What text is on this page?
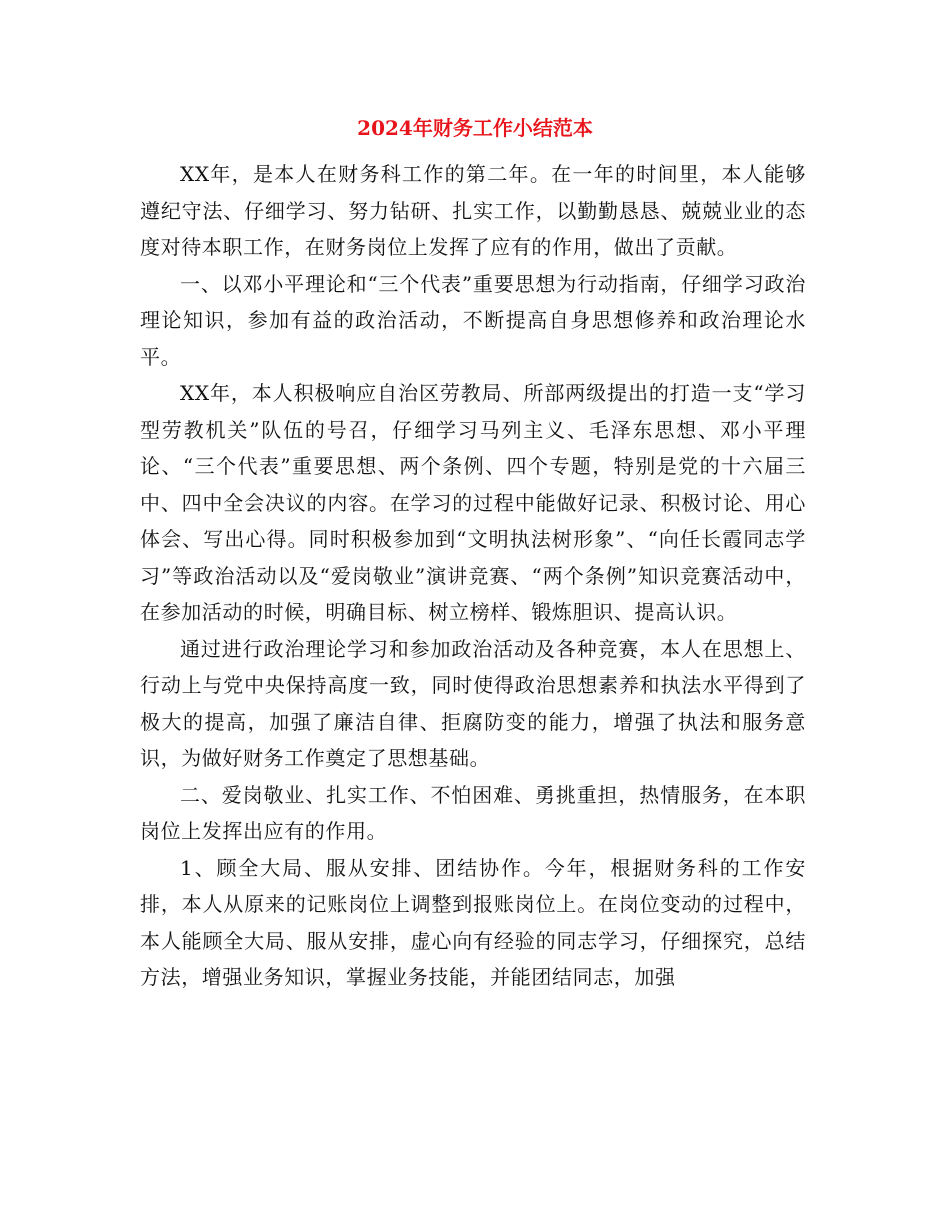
2024年财务工作小结范本

XX年，是本人在财务科工作的第二年。在一年的时间里，本人能够遵纪守法、仔细学习、努力钻研、扎实工作，以勤勤恳恳、兢兢业业的态度对待本职工作，在财务岗位上发挥了应有的作用，做出了贡献。

一、以邓小平理论和“三个代表”重要思想为行动指南，仔细学习政治理论知识，参加有益的政治活动，不断提高自身思想修养和政治理论水平。

XX年，本人积极响应自治区劳教局、所部两级提出的打造一支“学习型劳教机关”队伍的号召，仔细学习马列主义、毛泽东思想、邓小平理论、“三个代表”重要思想、两个条例、四个专题，特别是党的十六届三中、四中全会决议的内容。在学习的过程中能做好记录、积极讨论、用心体会、写出心得。同时积极参加到“文明执法树形象”、“向任长霞同志学习”等政治活动以及“爱岗敬业”演讲竞赛、“两个条例”知识竞赛活动中，在参加活动的时候，明确目标、树立榜样、锻炼胆识、提高认识。

通过进行政治理论学习和参加政治活动及各种竞赛，本人在思想上、行动上与党中央保持高度一致，同时使得政治思想素养和执法水平得到了极大的提高，加强了廉洁自律、拒腐防变的能力，增强了执法和服务意识，为做好财务工作奠定了思想基础。

二、爱岗敬业、扎实工作、不怕困难、勇挑重担，热情服务，在本职岗位上发挥出应有的作用。

1、顾全大局、服从安排、团结协作。今年，根据财务科的工作安排，本人从原来的记账岗位上调整到报账岗位上。在岗位变动的过程中，本人能顾全大局、服从安排，虚心向有经验的同志学习，仔细探究，总结方法，增强业务知识，掌握业务技能，并能团结同志，加强
